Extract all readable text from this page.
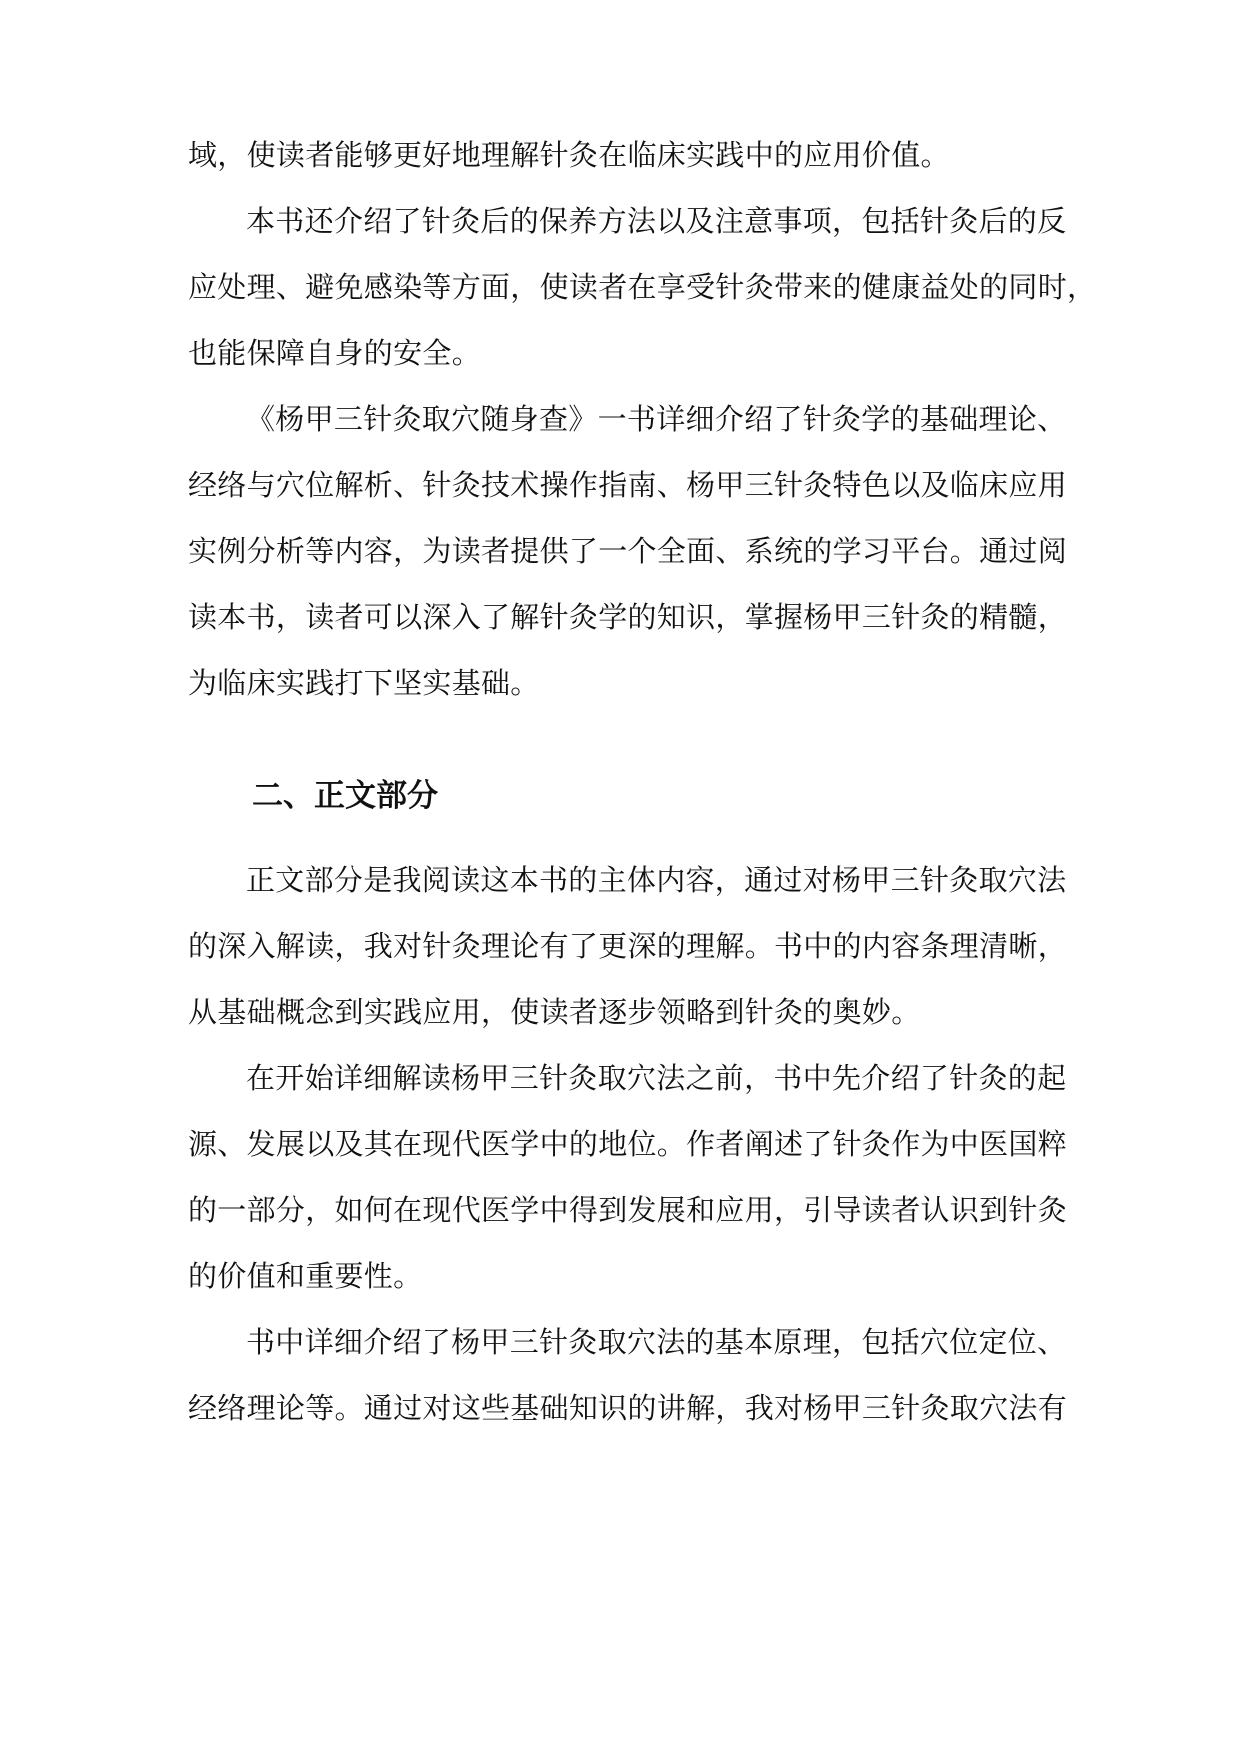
域，使读者能够更好地理解针灸在临床实践中的应用价值。
本书还介绍了针灸后的保养方法以及注意事项，包括针灸后的反
应处理、避免感染等方面，使读者在享受针灸带来的健康益处的同时，
也能保障自身的安全。
《杨甲三针灸取穴随身查》一书详细介绍了针灸学的基础理论、
经络与穴位解析、针灸技术操作指南、杨甲三针灸特色以及临床应用
实例分析等内容，为读者提供了一个全面、系统的学习平台。通过阅
读本书，读者可以深入了解针灸学的知识，掌握杨甲三针灸的精髓，
为临床实践打下坚实基础。
二、正文部分
正文部分是我阅读这本书的主体内容，通过对杨甲三针灸取穴法
的深入解读，我对针灸理论有了更深的理解。书中的内容条理清晰，
从基础概念到实践应用，使读者逐步领略到针灸的奥妙。
在开始详细解读杨甲三针灸取穴法之前，书中先介绍了针灸的起
源、发展以及其在现代医学中的地位。作者阐述了针灸作为中医国粹
的一部分，如何在现代医学中得到发展和应用，引导读者认识到针灸
的价值和重要性。
书中详细介绍了杨甲三针灸取穴法的基本原理，包括穴位定位、
经络理论等。通过对这些基础知识的讲解，我对杨甲三针灸取穴法有
